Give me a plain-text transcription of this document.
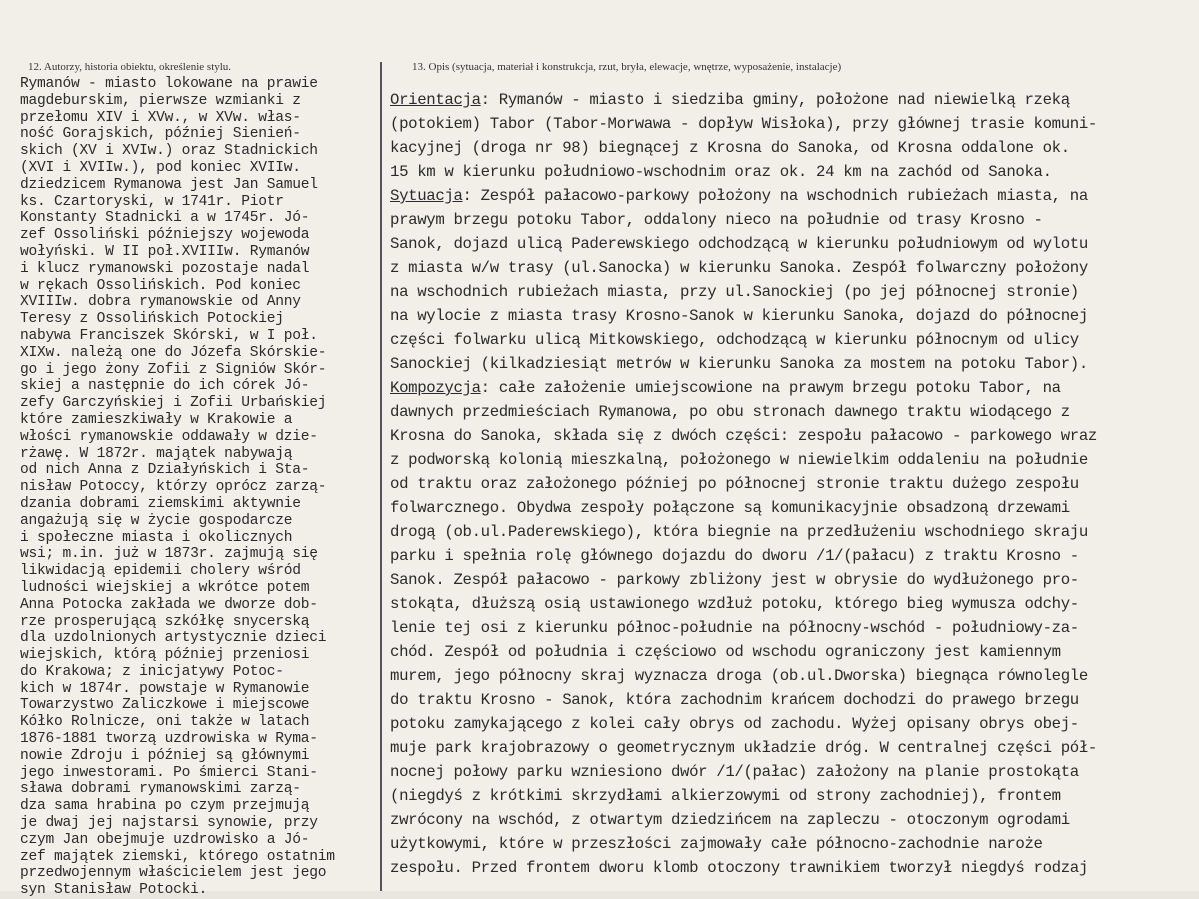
12. Autorzy, historia obiektu, określenie stylu.	13. Opis (sytuacja, materiał i konstrukcja, rzut, bryła, elewacje, wnętrze, wyposażenie, instalacje)
Rymanów - miasto lokowane na prawie
magdeburskim, pierwsze wzmianki z
przełomu XIV i XVw., w XVw. włas-
ność Gorajskich, później Sienień-
skich (XV i XVIw.) oraz Stadnickich
(XVI i XVIIw.), pod koniec XVIIw.
dziedzicem Rymanowa jest Jan Samuel
ks. Czartoryski, w 1741r. Piotr
Konstanty Stadnicki a w 1745r. Jó-
zef Ossoliński późniejszy wojewoda
wołyński. W II poł.XVIIIw. Rymanów
i klucz rymanowski pozostaje nadal
w rękach Ossolińskich. Pod koniec
XVIIIw. dobra rymanowskie od Anny
Teresy z Ossolińskich Potockiej
nabywa Franciszek Skórski, w I poł.
XIXw. należą one do Józefa Skórskie-
go i jego żony Zofii z Signiów Skór-
skiej a następnie do ich córek Jó-
zefy Garczyńskiej i Zofii Urbańskiej
które zamieszkiwały w Krakowie a
włości rymanowskie oddawały w dzie-
rżawę. W 1872r. majątek nabywają
od nich Anna z Działyńskich i Sta-
nisław Potoccy, którzy oprócz zarzą-
dzania dobrami ziemskimi aktywnie
angażują się w życie gospodarcze
i społeczne miasta i okolicznych
wsi; m.in. już w 1873r. zajmują się
likwidacją epidemii cholery wśród
ludności wiejskiej a wkrótce potem
Anna Potocka zakłada we dworze dob-
rze prosperującą szkółkę snycerską
dla uzdolnionych artystycznie dzieci
wiejskich, którą później przeniosi
do Krakowa; z inicjatywy Potoc-
kich w 1874r. powstaje w Rymanowie
Towarzystwo Zaliczkowe i miejscowe
Kółko Rolnicze, oni także w latach
1876-1881 tworzą uzdrowiska w Ryma-
nowie Zdroju i później są głównymi
jego inwestorami. Po śmierci Stani-
sława dobrami rymanowskimi zarzą-
dza sama hrabina po czym przejmują
je dwaj jej najstarsi synowie, przy
czym Jan obejmuje uzdrowisko a Jó-
zef majątek ziemski, którego ostatnim
przedwojennym właścicielem jest jego
syn Stanisław Potocki.
Orientacja: Rymanów - miasto i siedziba gminy, położone nad niewielką rzeką
(potokiem) Tabor (Tabor-Morwawa - dopływ Wisłoka), przy głównej trasie komuni-
kacyjnej (droga nr 98) biegnącej z Krosna do Sanoka, od Krosna oddalone ok.
15 km w kierunku południowo-wschodnim oraz ok. 24 km na zachód od Sanoka.
Sytuacja: Zespół pałacowo-parkowy położony na wschodnich rubieżach miasta, na
prawym brzegu potoku Tabor, oddalony nieco na południe od trasy Krosno -
Sanok, dojazd ulicą Paderewskiego odchodzącą w kierunku południowym od wylotu
z miasta w/w trasy (ul.Sanocka) w kierunku Sanoka. Zespół folwarczny położony
na wschodnich rubieżach miasta, przy ul.Sanockiej (po jej północnej stronie)
na wylocie z miasta trasy Krosno-Sanok w kierunku Sanoka, dojazd do północnej
części folwarku ulicą Mitkowskiego, odchodzącą w kierunku północnym od ulicy
Sanockiej (kilkadziesiąt metrów w kierunku Sanoka za mostem na potoku Tabor).
Kompozycja: całe założenie umiejscowione na prawym brzegu potoku Tabor, na
dawnych przedmieściach Rymanowa, po obu stronach dawnego traktu wiodącego z
Krosna do Sanoka, składa się z dwóch części: zespołu pałacowo - parkowego wraz
z podworską kolonią mieszkalną, położonego w niewielkim oddaleniu na południe
od traktu oraz założonego później po północnej stronie traktu dużego zespołu
folwarcznego. Obydwa zespoły połączone są komunikacyjnie obsadzoną drzewami
drogą (ob.ul.Paderewskiego), która biegnie na przedłużeniu wschodniego skraju
parku i spełnia rolę głównego dojazdu do dworu /1/(pałacu) z traktu Krosno -
Sanok. Zespół pałacowo - parkowy zbliżony jest w obrysie do wydłużonego pro-
stokąta, dłuższą osią ustawionego wzdłuż potoku, którego bieg wymusza odchy-
lenie tej osi z kierunku północ-południe na północny-wschód - południowy-za-
chód. Zespół od południa i częściowo od wschodu ograniczony jest kamiennym
murem, jego północny skraj wyznacza droga (ob.ul.Dworska) biegnąca równolegle
do traktu Krosno - Sanok, która zachodnim krańcem dochodzi do prawego brzegu
potoku zamykającego z kolei cały obrys od zachodu. Wyżej opisany obrys obej-
muje park krajobrazowy o geometrycznym układzie dróg. W centralnej części pół-
nocnej połowy parku wzniesiono dwór /1/(pałac) założony na planie prostokąta
(niegdyś z krótkimi skrzydłami alkierzowymi od strony zachodniej), frontem
zwrócony na wschód, z otwartym dziedzińcem na zapleczu - otoczonym ogrodami
użytkowymi, które w przeszłości zajmowały całe północno-zachodnie naroże
zespołu. Przed frontem dworu klomb otoczony trawnikiem tworzył niegdyś rodzaj
